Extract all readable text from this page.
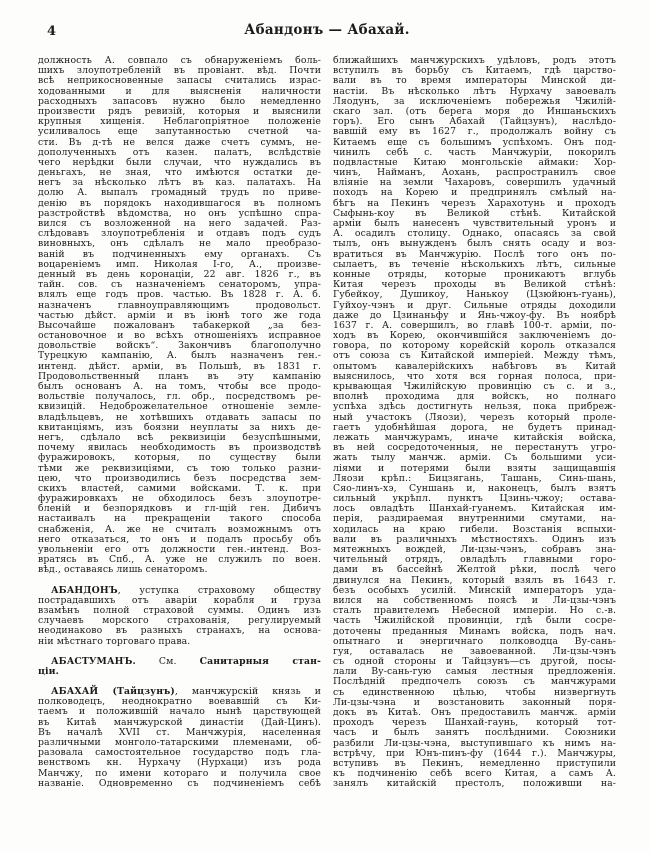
4	Абандонъ — Абахай.
должность А. совпало съ обнаруженіемъ боль-
шихъ злоупотребленій въ провіант. вѣд. Почти
всѣ неприкосновенные запасы считались израс-
ходованными и для выясненія наличности
расходныхъ запасовъ нужно было немедленно
произвести рядъ ревизій, которыя и выяснили
крупныя хищенія. Неблагопріятное положеніе
усиливалось еще запутанностью счетной ча-
сти. Въ д-тѣ не велся даже счетъ суммъ, не-
дополученныхъ отъ казен. палатъ, вслѣдствіе
чего нерѣдки были случаи, что нуждались въ
деньгахъ, не зная, что имѣются остатки де-
негъ за нѣсколько лѣтъ въ каз. палатахъ. На
долю А. выпалъ громадный трудъ по приве-
денію въ порядокъ находившагося въ полномъ
разстройствѣ вѣдомства, но онъ успѣшно спра-
вился съ возложенной на него задачей. Раз-
слѣдовавъ злоупотребленія и отдавъ подъ судъ
виновныхъ, онъ сдѣлалъ не мало преобразо-
ваній въ подчиненныхъ ему органахъ. Съ
воцареніемъ имп. Николая I-го, А., произве-
денный въ день коронаціи, 22 авг. 1826 г., въ
тайн. сов. съ назначеніемъ сенаторомъ, упра-
влялъ еще годъ пров. частью. Въ 1828 г. А. б.
назначенъ главноуправляющимъ продовольст.
частью дѣйст. арміи и въ іюнѣ того же года
Высочайше пожалованъ табакеркой „за без-
остановочное и во всѣхъ отношеніяхъ исправное
довольствіе войскъ“. Закончивъ благополучно
Турецкую кампанію, А. былъ назначенъ ген.-
интенд. дѣйст. арміи, въ Польшѣ, въ 1831 г.
Продовольственный планъ въ эту кампанію
былъ основанъ А. на томъ, чтобы все продо-
вольствіе получалось, гл. обр., посредствомъ ре-
квизицій. Недоброжелательное отношеніе земле-
владѣльцевъ, не хотѣвшихъ отдавать запасы по
квитанціямъ, изъ боязни неуплаты за нихъ де-
негъ, сдѣлало всѣ реквизиціи безуспѣшными,
почему явилась необходимость въ производствѣ
фуражировокъ, которыя, по существу были
тѣми же реквизиціями, съ тою только разни-
цею, что производились безъ посредства зем-
скихъ властей, самими войсками. Т. к. при
фуражировкахъ не обходилось безъ злоупотре-
бленій и безпорядковъ и гл-щій ген. Дибичъ
настаивалъ на прекращеніи такого способа
снабженія, А. же не считалъ возможнымъ отъ
него отказаться, то онъ и подалъ просьбу объ
увольненіи его отъ должности ген.-интенд. Воз-
вратясь въ Спб., А. уже не служилъ по воен.
вѣд., оставаясь лишь сенаторомъ.
АБАНДОНЪ, уступка страховому обществу
пострадавшихъ отъ аваріи корабля и груза
взамѣнъ полной страховой суммы. Одинъ изъ
случаевъ морского страхованія, регулируемый
неодинаково въ разныхъ странахъ, на основа-
ніи мѣстнаго торговаго права.
АБАСТУМАНЪ. См. Санитарныя стан-
ціи.
АБАХАЙ (Тайцзунъ), манчжурскій князь и
полководецъ, неоднократно воевавшій съ Ки-
таемъ и положившій начало нынѣ царствующей
въ Китаѣ манчжурской династіи (Дай-Цинъ).
Въ началѣ XVII ст. Манчжурія, населенная
различными монголо-татарскими племенами, об-
разовала самостоятельное государство подъ гла-
венствомъ кн. Нурхачу (Нурхаци) изъ рода
Манчжу, по имени котораго и получила свое
названіе. Одновременно съ подчиненіемъ себѣ
ближайшихъ манчжурскихъ удѣловъ, родъ этотъ
вступилъ въ борьбу съ Китаемъ, гдѣ царство-
вали въ то время императоры Минской ди-
настіи. Въ нѣсколько лѣтъ Нурхачу завоевалъ
Ляодунъ, за исключеніемъ побережья Чжилій-
скаго зал. (отъ берега моря до Иншаньскихъ
горъ). Его сынъ Абахай (Тайцзунъ), наслѣдо-
вавшій ему въ 1627 г., продолжалъ войну съ
Китаемъ еще съ большимъ успѣхомъ. Онъ под-
чинилъ себѣ с. часть Манчжуріи, покорилъ
подвластные Китаю монгольскіе аймаки: Хор-
чинъ, Найманъ, Аохань, распространилъ свое
вліяніе на земли Чахаровъ, совершилъ удачный
походъ на Корею и предпринялъ смѣлый на-
бѣгъ на Пекинъ черезъ Харахотунь и проходъ
Сыфынь-коу въ Великой стѣнѣ. Китайской
арміи былъ нанесенъ чувствительный уронъ и
А. осадилъ столицу. Однако, опасаясь за свой
тылъ, онъ вынужденъ былъ снять осаду и воз-
вратиться въ Манчжурію. Послѣ того онъ по-
сылаетъ, въ теченіе нѣсколькихъ лѣтъ, сильные
конные отряды, которые проникаютъ вглубь
Китая черезъ проходы въ Великой стѣнѣ:
Губейкоу, Душикоу, Нанькоу (Цзюйюнъ-гуань),
Гуйхоу-чэнъ и друг. Сильные отряды доходили
даже до Цзинаньфу и Янь-чжоу-фу. Въ ноябрѣ
1637 г. А. совершилъ, во главѣ 100-т. арміи, по-
ходъ въ Корею, окончившійся заключеніемъ до-
говора, по которому корейскій король отказался
отъ союза съ Китайской имперіей. Между тѣмъ,
опытомъ кавалерійскихъ набѣговъ въ Китай
выяснилось, что хотя вся горная полоса, при-
крывающая Чжилійскую провинцію съ с. и з.,
вполнѣ проходима для войскъ, но полнаго
успѣха здѣсь достигнуть нельзя, пока прибреж-
ный участокъ (Ляози), черезъ который проле-
гаетъ удобнѣйшая дорога, не будетъ принад-
лежать манчжурамъ, иначе китайскія войска,
въ ней сосредоточенныя, не перестанутъ угро-
жать тылу манчж. арміи. Съ большими уси-
ліями и потерями были взяты защищавшія
Ляози крѣп.: Бицзягань, Ташань, Синь-шань,
Сяо-линъ-хэ, Суншань и, наконецъ, былъ взятъ
сильный укрѣпл. пунктъ Цзинь-чжоу; остава-
лось овладѣть Шанхай-гуанемъ. Китайская им-
перія, раздираемая внутренними смутами, на-
ходилась на краю гибели. Возстанія вспыхи-
вали въ различныхъ мѣстностяхъ. Одинъ изъ
мятежныхъ вождей, Ли-цзы-чэнъ, собравъ зна-
чительный отрядъ, овладѣлъ главными горо-
дами въ бассейнѣ Желтой рѣки, послѣ чего
двинулся на Пекинъ, который взялъ въ 1643 г.
безъ особыхъ усилій. Минскій императоръ уда-
вился на собственномъ поясѣ и Ли-цзы-чэнъ
сталъ правителемъ Небесной имперіи. Но с.-в.
часть Чжилійской провинціи, гдѣ были сосре-
доточены преданныя Минамъ войска, подъ нач.
опытнаго и энергичнаго полководца Ву-сань-
гуя, оставалась не завоеванной. Ли-цзы-чэнъ
съ одной стороны и Тайцзунъ—съ другой, посы-
лали Ву-сань-гую самыя лестныя предложенія.
Послѣдній предпочелъ союзъ съ манчжурами
съ единственною цѣлью, чтобы низвергнуть
Ли-цзы-чэна и возстановить законный поря-
докъ въ Китаѣ. Онъ предоставилъ манчж. арміи
проходъ черезъ Шанхай-гаунь, который тот-
часъ и былъ занятъ послѣдними. Союзники
разбили Ли-цзы-чэна, выступившаго къ нимъ на-
встрѣчу, при Юнъ-пинъ-фу (1644 г.). Манчжуры,
вступивъ въ Пекинъ, немедленно приступили
къ подчиненію себѣ всего Китая, а самъ А.
занялъ китайскій престолъ, положивши на-
